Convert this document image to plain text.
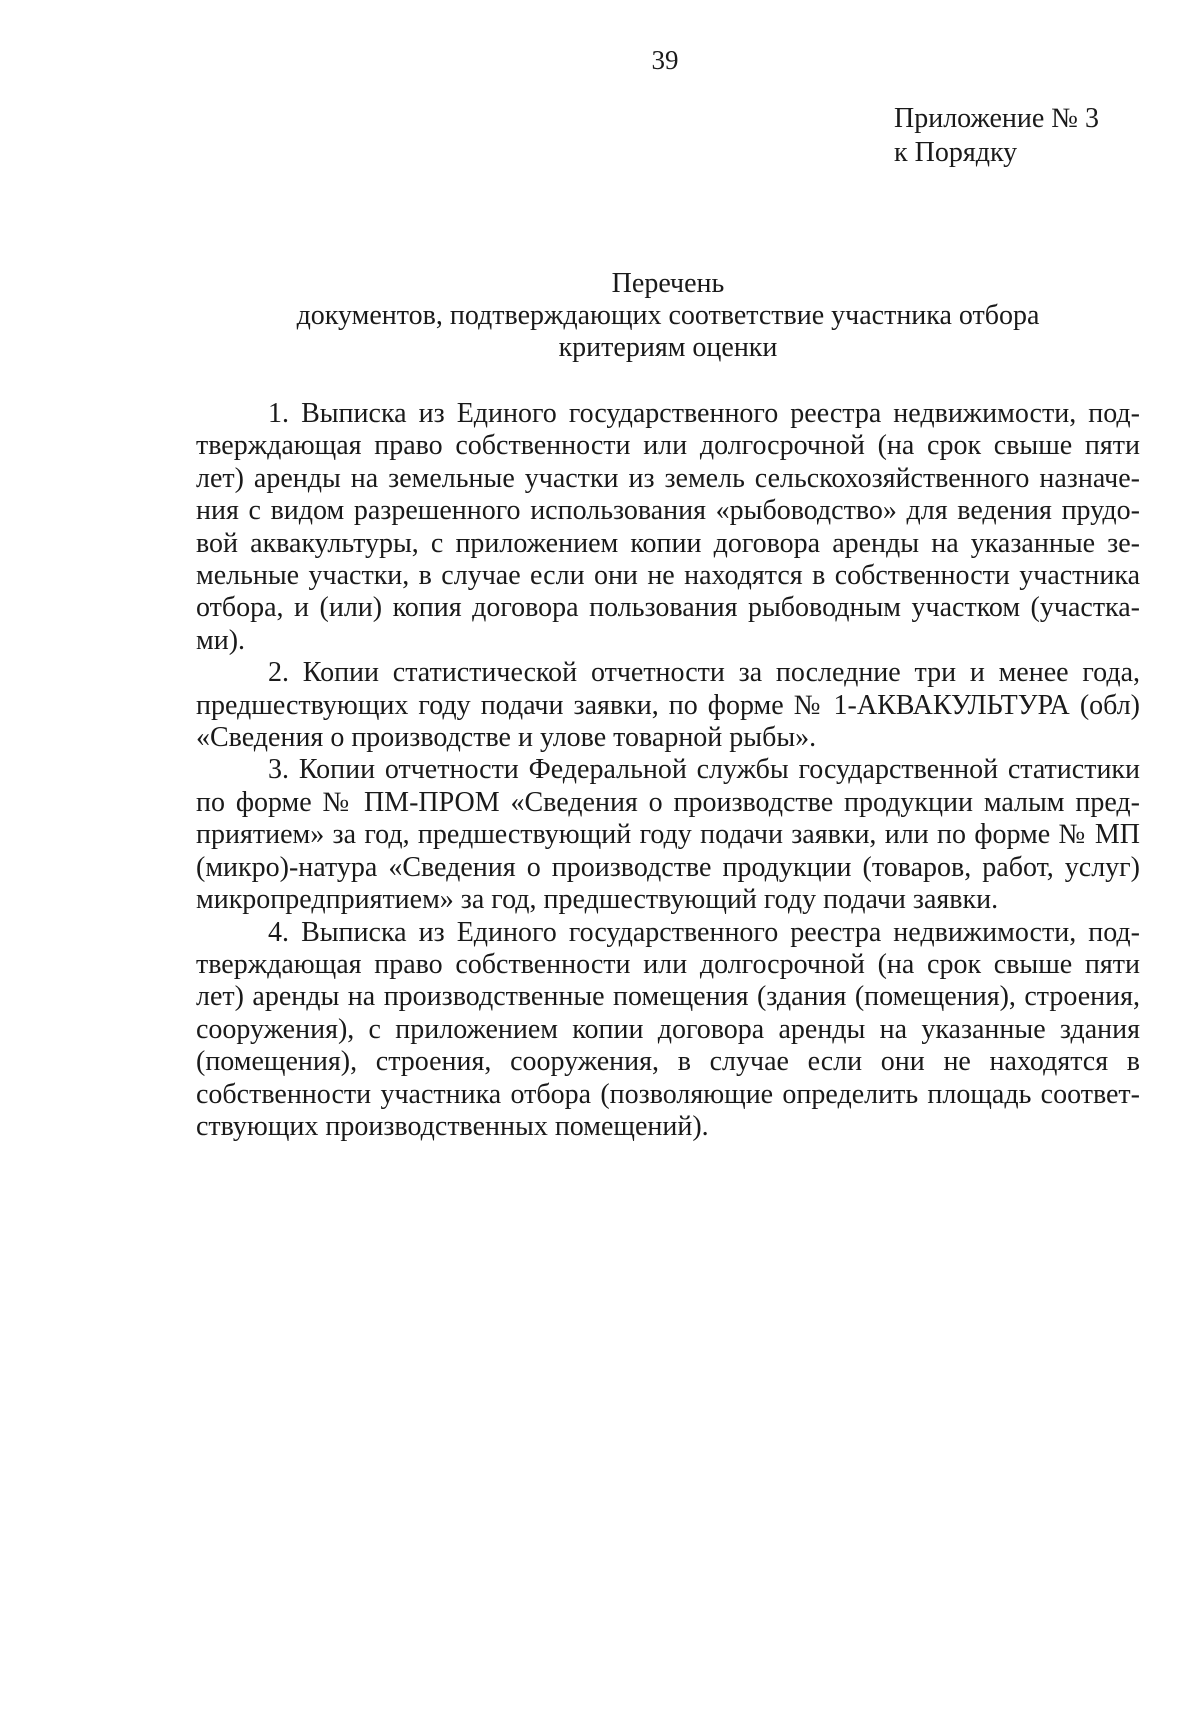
39
Приложение № 3
к Порядку
Перечень
документов, подтверждающих соответствие участника отбора
критериям оценки

1. Выписка из Единого государственного реестра недвижимости, подтверждающая право собственности или долгосрочной (на срок свыше пяти лет) аренды на земельные участки из земель сельскохозяйственного назначения с видом разрешенного использования «рыбоводство» для ведения прудовой аквакультуры, с приложением копии договора аренды на указанные земельные участки, в случае если они не находятся в собственности участника отбора, и (или) копия договора пользования рыбоводным участком (участками).

2. Копии статистической отчетности за последние три и менее года, предшествующих году подачи заявки, по форме № 1-АКВАКУЛЬТУРА (обл) «Сведения о производстве и улове товарной рыбы».

3. Копии отчетности Федеральной службы государственной статистики по форме № ПМ-ПРОМ «Сведения о производстве продукции малым предприятием» за год, предшествующий году подачи заявки, или по форме № МП (микро)-натура «Сведения о производстве продукции (товаров, работ, услуг) микропредприятием» за год, предшествующий году подачи заявки.

4. Выписка из Единого государственного реестра недвижимости, подтверждающая право собственности или долгосрочной (на срок свыше пяти лет) аренды на производственные помещения (здания (помещения), строения, сооружения), с приложением копии договора аренды на указанные здания (помещения), строения, сооружения, в случае если они не находятся в собственности участника отбора (позволяющие определить площадь соответствующих производственных помещений).
